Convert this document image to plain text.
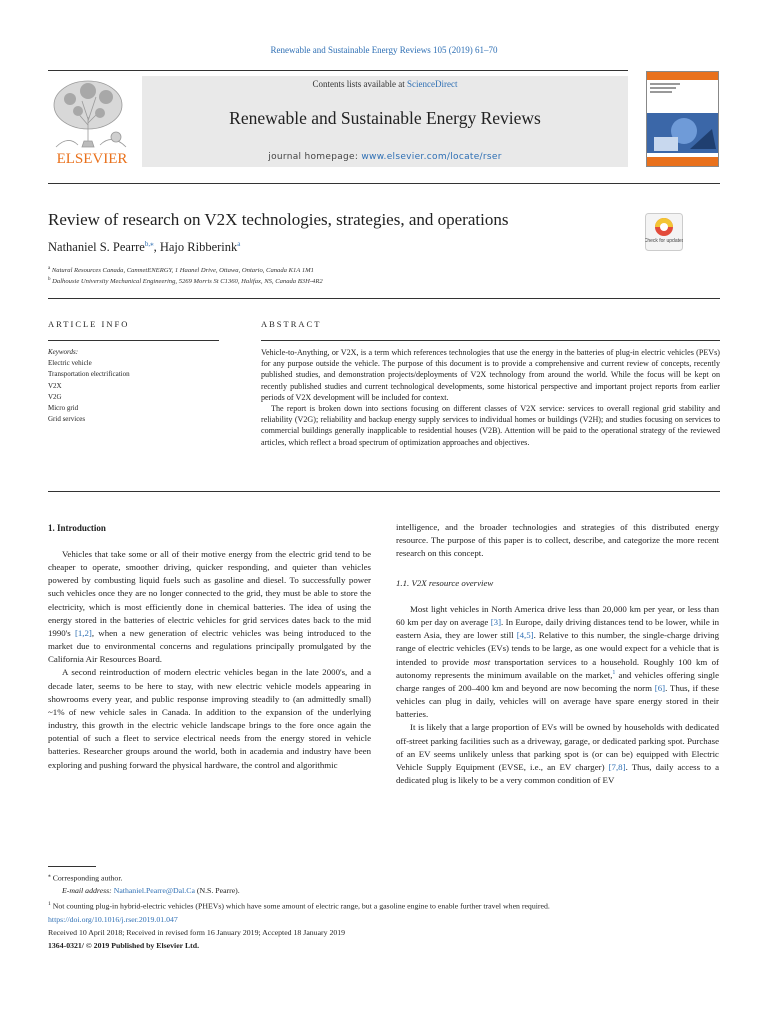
Renewable and Sustainable Energy Reviews 105 (2019) 61–70
ELSEVIER
Contents lists available at ScienceDirect
Renewable and Sustainable Energy Reviews
journal homepage: www.elsevier.com/locate/rser
Review of research on V2X technologies, strategies, and operations
Check for updates
Nathaniel S. Pearre$^{b,⁎}$, Hajo Ribberink$^a$
$^a$ Natural Resources Canada, CanmetENERGY, 1 Haanel Drive, Ottawa, Ontario, Canada K1A 1M1
$^b$ Dalhousie University Mechanical Engineering, 5269 Morris St C1360, Halifax, NS, Canada B3H-4R2
ARTICLE INFO	ABSTRACT
Keywords:
Electric vehicle
Transportation electrification
V2X
V2G
Micro grid
Grid services

Vehicle-to-Anything, or V2X, is a term which references technologies that use the energy in the batteries of plug-in electric vehicles (PEVs) for any purpose outside the vehicle. The purpose of this document is to provide a comprehensive and current review of concepts, recently published studies, and demonstration projects/deployments of V2X technology from around the world. While the focus will be kept on recently published studies and current technological developments, some historical perspective and important project reports from earlier periods of V2X development will be included for context.

The report is broken down into sections focusing on different classes of V2X service: services to overall regional grid stability and reliability (V2G); reliability and backup energy supply services to individual homes or buildings (V2H); and studies focusing on services to commercial buildings generally inapplicable to residential houses (V2B). Attention will be paid to the operational strategy of the reviewed articles, which reflect a broad spectrum of optimization approaches and objectives.

1. Introduction

Vehicles that take some or all of their motive energy from the electric grid tend to be cheaper to operate, smoother driving, quicker responding, and quieter than vehicles powered by combusting liquid fuels such as gasoline and diesel. To successfully power such vehicles once they are no longer connected to the grid, they must be able to store the electricity, which is most efficiently done in chemical batteries. The idea of using the energy stored in the batteries of electric vehicles for grid services dates back to the mid 1990's [1,2], when a new generation of electric vehicles was being introduced to the market due to environmental concerns and regulations principally promulgated by the California Air Resources Board.

A second reintroduction of modern electric vehicles began in the late 2000's, and a decade later, seems to be here to stay, with new electric vehicle models appearing in showrooms every year, and public response improving steadily to (an admittedly small) ~1% of new vehicle sales in Canada. In addition to the expansion of the underlying industry, this growth in the electric vehicle landscape brings to the fore once again the potential of such a fleet to service electrical needs from the energy stored in vehicle batteries. Researcher groups around the world, both in academia and industry have been exploring and pushing forward the physical hardware, the control and algorithmic

intelligence, and the broader technologies and strategies of this distributed energy resource. The purpose of this paper is to collect, describe, and categorize the more recent research on this concept.

1.1. V2X resource overview

Most light vehicles in North America drive less than 20,000 km per year, or less than 60 km per day on average [3]. In Europe, daily driving distances tend to be lower, while in eastern Asia, they are lower still [4,5]. Relative to this number, the single-charge driving range of electric vehicles (EVs) tends to be large, as one would expect for a vehicle that is intended to provide most transportation services to a household. Roughly 100 km of autonomy represents the minimum available on the market,$^1$ and vehicles offering single charge ranges of 200–400 km and beyond are now becoming the norm [6]. Thus, if these vehicles can plug in daily, vehicles will on average have spare energy stored in their batteries.

It is likely that a large proportion of EVs will be owned by households with dedicated off-street parking facilities such as a driveway, garage, or dedicated parking spot. Purchase of an EV seems unlikely unless that parking spot is (or can be) equipped with Electric Vehicle Supply Equipment (EVSE, i.e., an EV charger) [7,8]. Thus, daily access to a dedicated plug is likely to be a very common condition of EV

⁎ Corresponding author.
E-mail address: Nathaniel.Pearre@Dal.Ca (N.S. Pearre).
$^1$ Not counting plug-in hybrid-electric vehicles (PHEVs) which have some amount of electric range, but a gasoline engine to enable further travel when required.
https://doi.org/10.1016/j.rser.2019.01.047
Received 10 April 2018; Received in revised form 16 January 2019; Accepted 18 January 2019
1364-0321/ © 2019 Published by Elsevier Ltd.
